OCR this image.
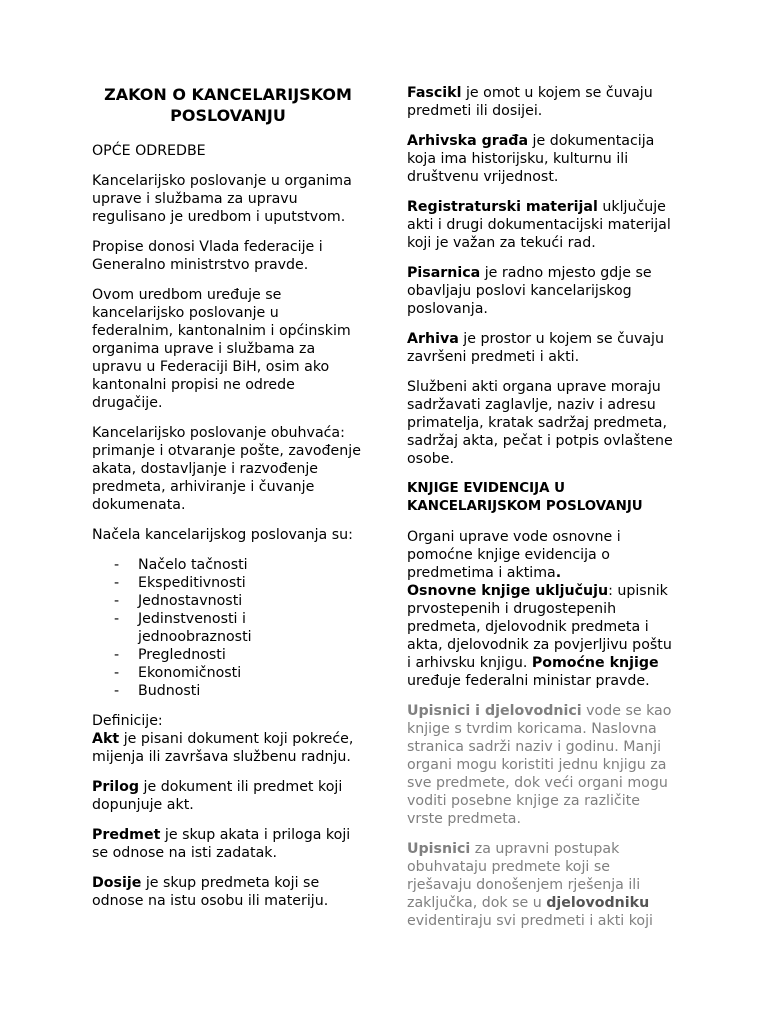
ZAKON O KANCELARIJSKOM POSLOVANJU

OPĆE ODREDBE

Kancelarijsko poslovanje u organima uprave i službama za upravu regulisano je uredbom i uputstvom.

Propise donosi Vlada federacije i Generalno ministrstvo pravde.

Ovom uredbom uređuje se kancelarijsko poslovanje u federalnim, kantonalnim i općinskim organima uprave i službama za upravu u Federaciji BiH, osim ako kantonalni propisi ne odrede drugačije.

Kancelarijsko poslovanje obuhvaća: primanje i otvaranje pošte, zavođenje akata, dostavljanje i razvođenje predmeta, arhiviranje i čuvanje dokumenata.

Načela kancelarijskog poslovanja su:

- Načelo tačnosti
- Ekspeditivnosti
- Jednostavnosti
- Jedinstvenosti i jednoobraznosti
- Preglednosti
- Ekonomičnosti
- Budnosti

Definicije:
Akt je pisani dokument koji pokreće, mijenja ili završava službenu radnju.

Prilog je dokument ili predmet koji dopunjuje akt.

Predmet je skup akata i priloga koji se odnose na isti zadatak.

Dosije je skup predmeta koji se odnose na istu osobu ili materiju.

Fascikl je omot u kojem se čuvaju predmeti ili dosijei.

Arhivska građa je dokumentacija koja ima historijsku, kulturnu ili društvenu vrijednost.

Registraturski materijal uključuje akti i drugi dokumentacijski materijal koji je važan za tekući rad.

Pisarnica je radno mjesto gdje se obavljaju poslovi kancelarijskog poslovanja.

Arhiva je prostor u kojem se čuvaju završeni predmeti i akti.

Službeni akti organa uprave moraju sadržavati zaglavlje, naziv i adresu primatelja, kratak sadržaj predmeta, sadržaj akta, pečat i potpis ovlaštene osobe.

KNJIGE EVIDENCIJA U KANCELARIJSKOM POSLOVANJU

Organi uprave vode osnovne i pomoćne knjige evidencija o predmetima i aktima.
Osnovne knjige uključuju: upisnik prvostepenih i drugostepenih predmeta, djelovodnik predmeta i akta, djelovodnik za povjerljivu poštu i arhivsku knjigu. Pomoćne knjige uređuje federalni ministar pravde.

Upisnici i djelovodnici vode se kao knjige s tvrdim koricama. Naslovna stranica sadrži naziv i godinu. Manji organi mogu koristiti jednu knjigu za sve predmete, dok veći organi mogu voditi posebne knjige za različite vrste predmeta.

Upisnici za upravni postupak obuhvataju predmete koji se rješavaju donošenjem rješenja ili zaključka, dok se u djelovodniku evidentiraju svi predmeti i akti koji
